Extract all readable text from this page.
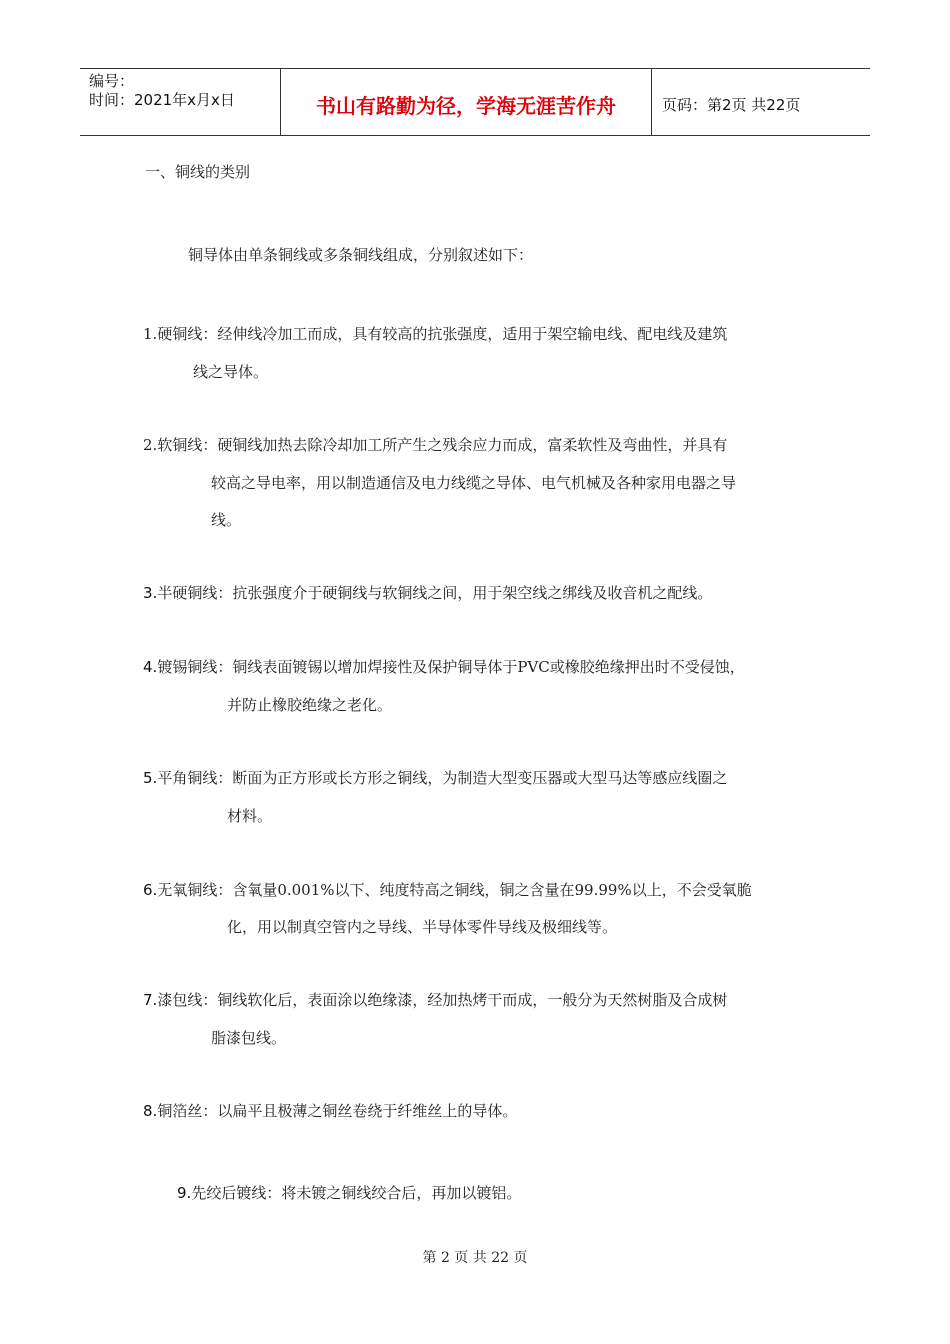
编号：
时间：2021年x月x日	书山有路勤为径，学海无涯苦作舟	页码：第2页 共22页
一、铜线的类别
铜导体由单条铜线或多条铜线组成，分别叙述如下：
1.硬铜线：经伸线冷加工而成，具有较高的抗张强度，适用于架空输电线、配电线及建筑
线之导体。
2.软铜线：硬铜线加热去除冷却加工所产生之残余应力而成，富柔软性及弯曲性，并具有
较高之导电率，用以制造通信及电力线缆之导体、电气机械及各种家用电器之导
线。
3.半硬铜线：抗张强度介于硬铜线与软铜线之间，用于架空线之绑线及收音机之配线。
4.镀锡铜线：铜线表面镀锡以增加焊接性及保护铜导体于PVC或橡胶绝缘押出时不受侵蚀，
并防止橡胶绝缘之老化。
5.平角铜线：断面为正方形或长方形之铜线，为制造大型变压器或大型马达等感应线圈之
材料。
6.无氧铜线：含氧量0.001%以下、纯度特高之铜线，铜之含量在99.99%以上，不会受氧脆
化，用以制真空管内之导线、半导体零件导线及极细线等。
7.漆包线：铜线软化后，表面涂以绝缘漆，经加热烤干而成，一般分为天然树脂及合成树
脂漆包线。
8.铜箔丝：以扁平且极薄之铜丝卷绕于纤维丝上的导体。
9.先绞后镀线：将未镀之铜线绞合后，再加以镀铝。
第 2 页 共 22 页
